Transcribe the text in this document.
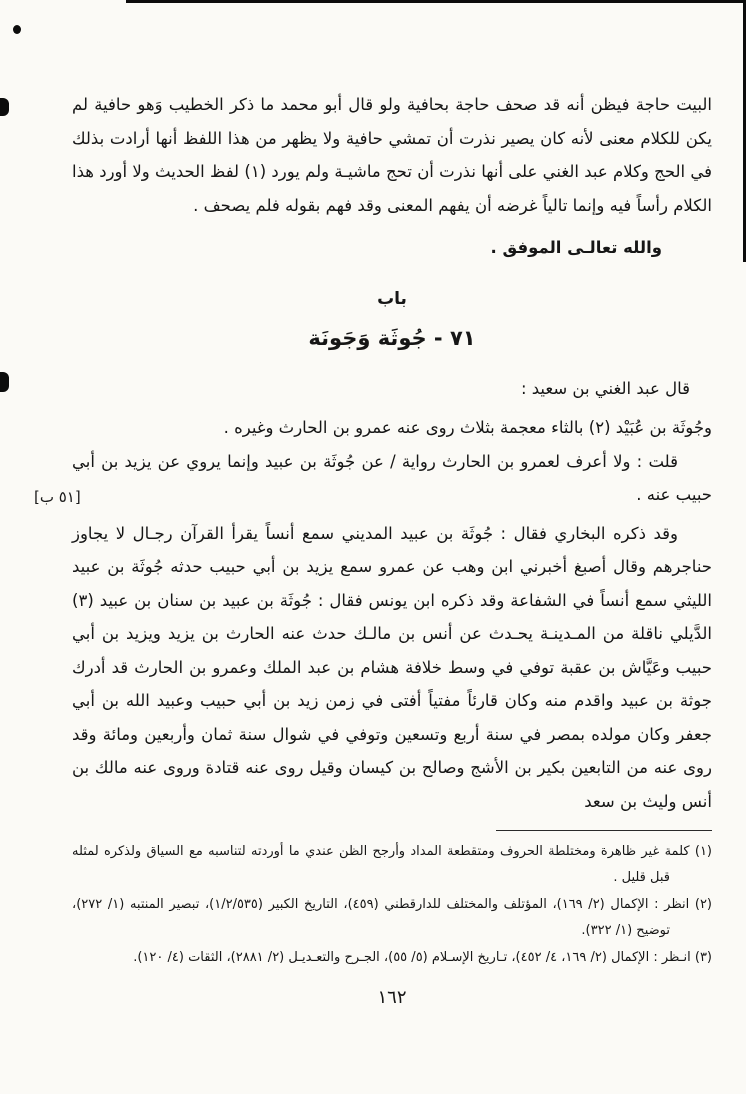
[٥١ ب]

البيت حاجة فيظن أنه قد صحف حاجة بحافية ولو قال أبو محمد ما ذكر الخطيب وَهو حافية لم يكن للكلام معنى لأنه كان يصير نذرت أن تمشي حافية ولا يظهر من هذا اللفظ أنها أرادت بذلك في الحج وكلام عبد الغني على أنها نذرت أن تحج ماشيـة ولم يورد (١) لفظ الحديث ولا أورد هذا الكلام رأساً فيه وإنما تالياً غرضه أن يفهم المعنى وقد فهم بقوله فلم يصحف .

والله تعالـى الموفق .
باب
٧١ - جُوثَة وَجَونَة

قال عبد الغني بن سعيد :

وجُوثَة بن عُبَيْد (٢) بالثاء معجمة بثلاث روى عنه عمرو بن الحارث وغيره .

قلت : ولا أعرف لعمرو بن الحارث رواية / عن جُوثَة بن عبيد وإنما يروي عن يزيد بن أبي حبيب عنه .

وقد ذكره البخاري فقال : جُوثَة بن عبيد المديني سمع أنساً يقرأ القرآن رجـال لا يجاوز حناجرهم وقال أصبغ أخبرني ابن وهب عن عمرو سمع يزيد بن أبي حبيب حدثه جُوثَة بن عبيد الليثي سمع أنساً في الشفاعة وقد ذكره ابن يونس فقال : جُوثَة بن عبيد بن سنان بن عبيد (٣) الدَّيلي ناقلة من المـدينـة يحـدث عن أنس بن مالـك حدث عنه الحارث بن يزيد ويزيد بن أبي حبيب وعَيَّاش بن عقبة توفي في وسط خلافة هشام بن عبد الملك وعمرو بن الحارث قد أدرك جوثة بن عبيد واقدم منه وكان قارئاً مفتياً أفتى في زمن زيد بن أبي حبيب وعبيد الله بن أبي جعفر وكان مولده بمصر في سنة أربع وتسعين وتوفي في شوال سنة ثمان وأربعين ومائة وقد روى عنه من التابعين بكير بن الأشج وصالح بن كيسان وقيل روى عنه قتادة وروى عنه مالك بن أنس وليث بن سعد

(١) كلمة غير ظاهرة ومختلطة الحروف ومتقطعة المداد وأرجح الظن عندي ما أوردته لتناسبه مع السياق ولذكره لمثله قبل قليل .

(٢) انظر : الإكمال (٢/ ١٦٩)، المؤتلف والمختلف للدارقطني (٤٥٩)، التاريخ الكبير (١/٢/٥٣٥)، تبصير المنتبه (١/ ٢٧٢)، توضيح (١/ ٣٢٢).

(٣) انـظر : الإكمال (٢/ ١٦٩، ٤/ ٤٥٢)، تـاريخ الإسـلام (٥/ ٥٥)، الجـرح والتعـديـل (٢/ ٢٨٨١)، الثقات (٤/ ١٢٠).

١٦٢
